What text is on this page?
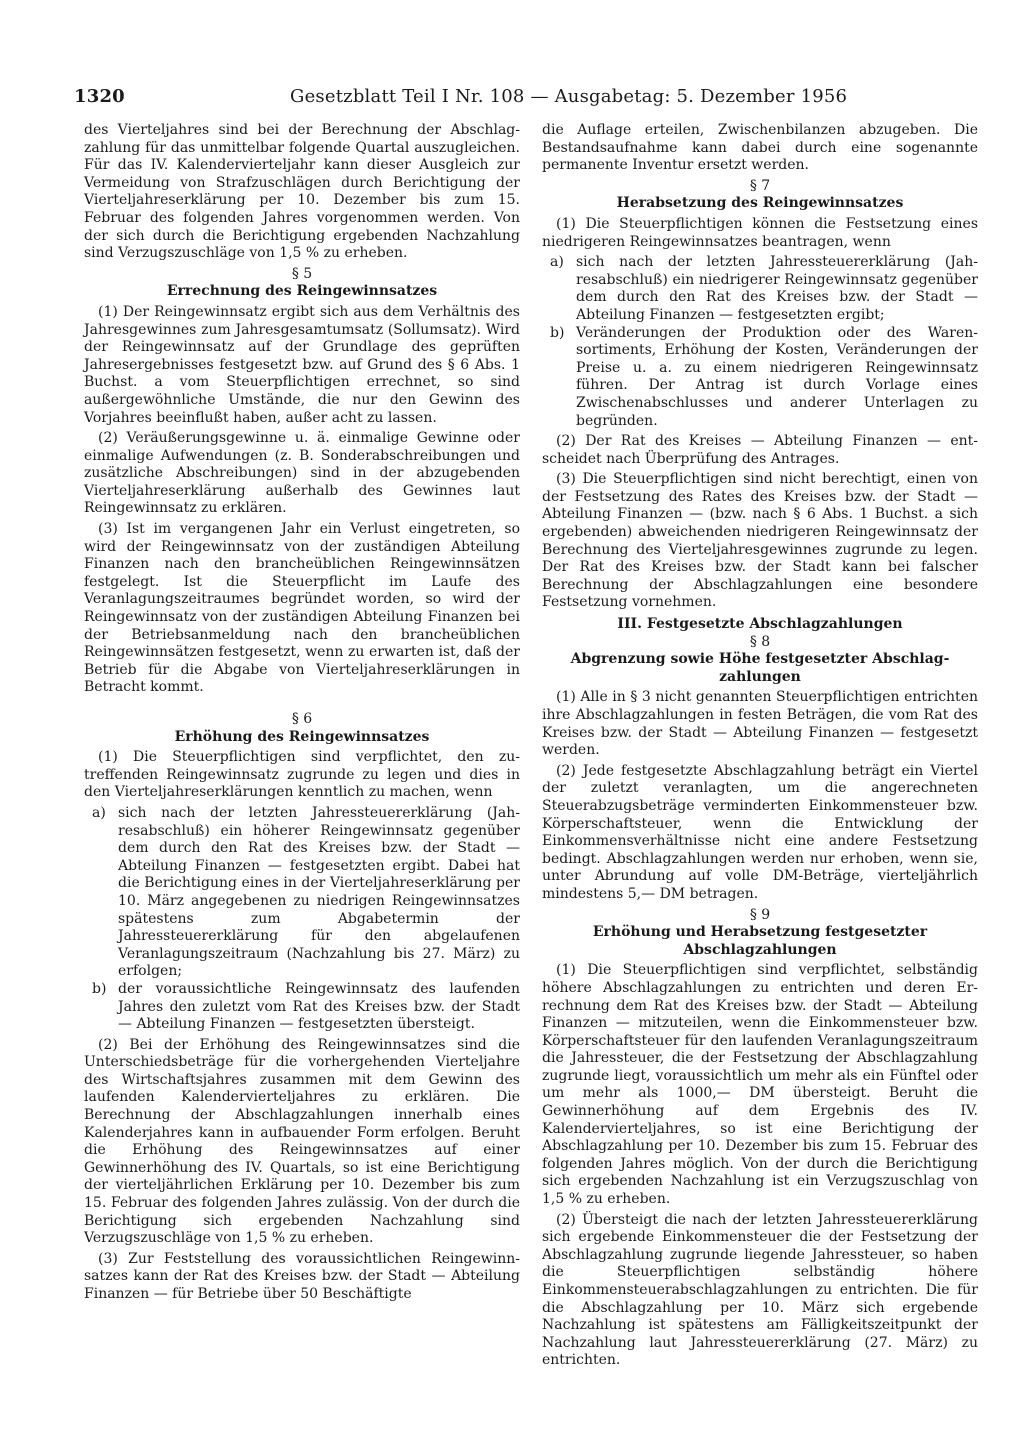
1320	Gesetzblatt Teil I Nr. 108 — Ausgabetag: 5. Dezember 1956

des Vierteljahres sind bei der Berechnung der Abschlagzahlung für das unmittelbar folgende Quartal auszugleichen. Für das IV. Kalendervierteljahr kann dieser Ausgleich zur Vermeidung von Strafzuschlägen durch Berichtigung der Vierteljahreserklärung per 10. Dezember bis zum 15. Februar des folgenden Jahres vorgenommen werden. Von der sich durch die Berichtigung ergebenden Nachzahlung sind Verzugszuschläge von 1,5 % zu erheben.

§ 5
Errechnung des Reingewinnsatzes

(1) Der Reingewinnsatz ergibt sich aus dem Verhältnis des Jahresgewinnes zum Jahresgesamtumsatz (Sollumsatz). Wird der Reingewinnsatz auf der Grundlage des geprüften Jahresergebnisses festgesetzt bzw. auf Grund des § 6 Abs. 1 Buchst. a vom Steuerpflichtigen errechnet, so sind außergewöhnliche Umstände, die nur den Gewinn des Vorjahres beeinflußt haben, außer acht zu lassen.

(2) Veräußerungsgewinne u. ä. einmalige Gewinne oder einmalige Aufwendungen (z. B. Sonderabschreibungen und zusätzliche Abschreibungen) sind in der abzugebenden Vierteljahreserklärung außerhalb des Gewinnes laut Reingewinnsatz zu erklären.

(3) Ist im vergangenen Jahr ein Verlust eingetreten, so wird der Reingewinnsatz von der zuständigen Abteilung Finanzen nach den brancheüblichen Reingewinnsätzen festgelegt. Ist die Steuerpflicht im Laufe des Veranlagungszeitraumes begründet worden, so wird der Reingewinnsatz von der zuständigen Abteilung Finanzen bei der Betriebsanmeldung nach den brancheüblichen Reingewinnsätzen festgesetzt, wenn zu erwarten ist, daß der Betrieb für die Abgabe von Vierteljahreserklärungen in Betracht kommt.

§ 6
Erhöhung des Reingewinnsatzes

(1) Die Steuerpflichtigen sind verpflichtet, den zutreffenden Reingewinnsatz zugrunde zu legen und dies in den Vierteljahreserklärungen kenntlich zu machen, wenn

a) sich nach der letzten Jahressteuererklärung (Jahresabschluß) ein höherer Reingewinnsatz gegenüber dem durch den Rat des Kreises bzw. der Stadt — Abteilung Finanzen — festgesetzten ergibt. Dabei hat die Berichtigung eines in der Vierteljahreserklärung per 10. März angegebenen zu niedrigen Reingewinnsatzes spätestens zum Abgabetermin der Jahressteuererklärung für den abgelaufenen Veranlagungszeitraum (Nachzahlung bis 27. März) zu erfolgen;
b) der voraussichtliche Reingewinnsatz des laufenden Jahres den zuletzt vom Rat des Kreises bzw. der Stadt — Abteilung Finanzen — festgesetzten übersteigt.

(2) Bei der Erhöhung des Reingewinnsatzes sind die Unterschiedsbeträge für die vorhergehenden Vierteljahre des Wirtschaftsjahres zusammen mit dem Gewinn des laufenden Kalendervierteljahres zu erklären. Die Berechnung der Abschlagzahlungen innerhalb eines Kalenderjahres kann in aufbauender Form erfolgen. Beruht die Erhöhung des Reingewinnsatzes auf einer Gewinnerhöhung des IV. Quartals, so ist eine Berichtigung der vierteljährlichen Erklärung per 10. Dezember bis zum 15. Februar des folgenden Jahres zulässig. Von der durch die Berichtigung sich ergebenden Nachzahlung sind Verzugszuschläge von 1,5 % zu erheben.

(3) Zur Feststellung des voraussichtlichen Reingewinnsatzes kann der Rat des Kreises bzw. der Stadt — Abteilung Finanzen — für Betriebe über 50 Beschäftigte

die Auflage erteilen, Zwischenbilanzen abzugeben. Die Bestandsaufnahme kann dabei durch eine sogenannte permanente Inventur ersetzt werden.

§ 7
Herabsetzung des Reingewinnsatzes

(1) Die Steuerpflichtigen können die Festsetzung eines niedrigeren Reingewinnsatzes beantragen, wenn

a) sich nach der letzten Jahressteuererklärung (Jahresabschluß) ein niedrigerer Reingewinnsatz gegenüber dem durch den Rat des Kreises bzw. der Stadt — Abteilung Finanzen — festgesetzten ergibt;
b) Veränderungen der Produktion oder des Warensortiments, Erhöhung der Kosten, Veränderungen der Preise u. a. zu einem niedrigeren Reingewinnsatz führen. Der Antrag ist durch Vorlage eines Zwischenabschlusses und anderer Unterlagen zu begründen.

(2) Der Rat des Kreises — Abteilung Finanzen — entscheidet nach Überprüfung des Antrages.

(3) Die Steuerpflichtigen sind nicht berechtigt, einen von der Festsetzung des Rates des Kreises bzw. der Stadt — Abteilung Finanzen — (bzw. nach § 6 Abs. 1 Buchst. a sich ergebenden) abweichenden niedrigeren Reingewinnsatz der Berechnung des Vierteljahresgewinnes zugrunde zu legen. Der Rat des Kreises bzw. der Stadt kann bei falscher Berechnung der Abschlagzahlungen eine besondere Festsetzung vornehmen.

III. Festgesetzte Abschlagzahlungen
§ 8
Abgrenzung sowie Höhe festgesetzter Abschlagzahlungen

(1) Alle in § 3 nicht genannten Steuerpflichtigen entrichten ihre Abschlagzahlungen in festen Beträgen, die vom Rat des Kreises bzw. der Stadt — Abteilung Finanzen — festgesetzt werden.

(2) Jede festgesetzte Abschlagzahlung beträgt ein Viertel der zuletzt veranlagten, um die angerechneten Steuerabzugsbeträge verminderten Einkommensteuer bzw. Körperschaftsteuer, wenn die Entwicklung der Einkommensverhältnisse nicht eine andere Festsetzung bedingt. Abschlagzahlungen werden nur erhoben, wenn sie, unter Abrundung auf volle DM-Beträge, vierteljährlich mindestens 5,— DM betragen.

§ 9
Erhöhung und Herabsetzung festgesetzter Abschlagzahlungen

(1) Die Steuerpflichtigen sind verpflichtet, selbständig höhere Abschlagzahlungen zu entrichten und deren Errechnung dem Rat des Kreises bzw. der Stadt — Abteilung Finanzen — mitzuteilen, wenn die Einkommensteuer bzw. Körperschaftsteuer für den laufenden Veranlagungszeitraum die Jahressteuer, die der Festsetzung der Abschlagzahlung zugrunde liegt, voraussichtlich um mehr als ein Fünftel oder um mehr als 1000,— DM übersteigt. Beruht die Gewinnerhöhung auf dem Ergebnis des IV. Kalendervierteljahres, so ist eine Berichtigung der Abschlagzahlung per 10. Dezember bis zum 15. Februar des folgenden Jahres möglich. Von der durch die Berichtigung sich ergebenden Nachzahlung ist ein Verzugszuschlag von 1,5 % zu erheben.

(2) Übersteigt die nach der letzten Jahressteuererklärung sich ergebende Einkommensteuer die der Festsetzung der Abschlagzahlung zugrunde liegende Jahressteuer, so haben die Steuerpflichtigen selbständig höhere Einkommensteuerabschlagzahlungen zu entrichten. Die für die Abschlagzahlung per 10. März sich ergebende Nachzahlung ist spätestens am Fälligkeitszeitpunkt der Nachzahlung laut Jahressteuererklärung (27. März) zu entrichten.
